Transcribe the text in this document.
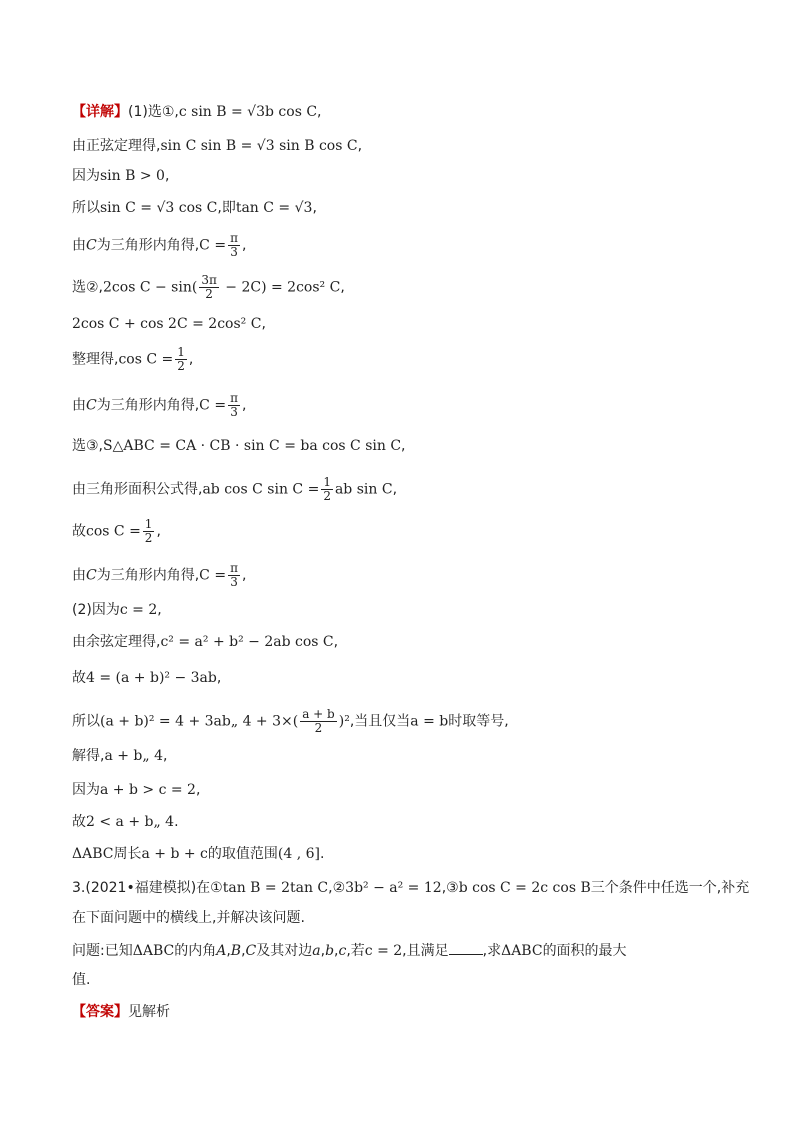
【详解】(1)选①,c sin B = √3b cos C,
由正弦定理得,sin C sin B = √3 sin B cos C,
因为sin B > 0,
所以sin C = √3 cos C,即tan C = √3,
由C为三角形内角得$,C = \frac{\pi}{3}$ ,
选②,2cos $C - \sin( \frac{3\pi}{2} - 2C) = 2\cos^2$ C,
2cos C + cos 2C = 2cos² C,
整理得,cos $C = \frac{1}{2}$ ,
由C为三角形内角得$,C = \frac{\pi}{3}$ ,
选③,S△ABC = CA · CB · sin C = ba cos C sin C,
由三角形面积公式得,ab cos C $\sin C = \frac{1}{2}$ ab sin C,
故$\cos C = \frac{1}{2}$ ,
由C为三角形内角得$,C = \frac{\pi}{3}$ ,
(2)因为c = 2,
由余弦定理得,c² = a² + b² − 2ab cos C,
故4 = (a + b)² − 3ab,
所以(a + b)² = 4 + 3ab„ $4 + 3\times( \frac{a + b}{2} )^2$,当且仅当a = b时取等号,
解得,a + b„ 4,
因为a + b > c = 2,
故2 < a + b„ 4.
ΔABC周长a + b + c的取值范围(4 , 6].
3.(2021•福建模拟)在①tan B = 2tan C,②3b² − a² = 12,③b cos C = 2c cos B三个条件中任选一个,补充
在下面问题中的横线上,并解决该问题.
问题:已知ΔABC的内角A,B,C及其对边a,b,c,若c = 2,且满足 ,求ΔABC的面积的最大
值.
【答案】见解析
